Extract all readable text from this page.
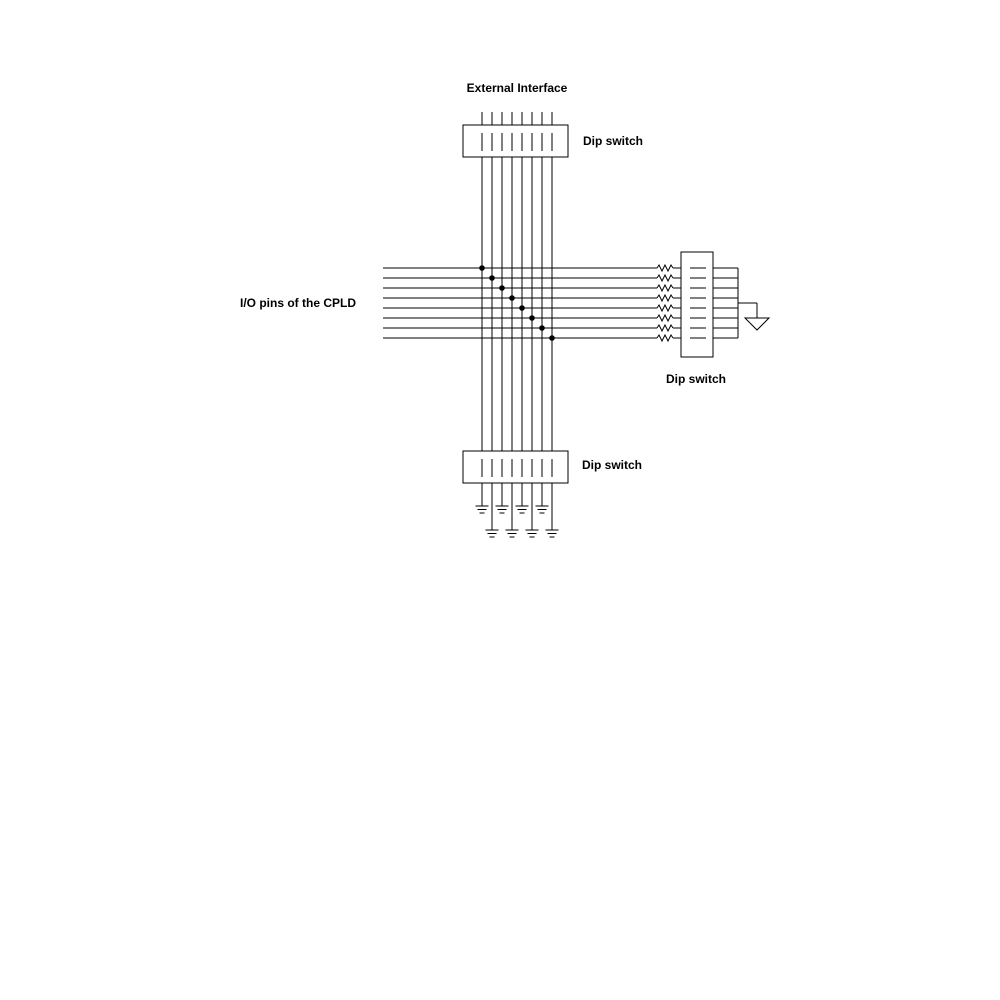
External Interface
Dip switch
I/O pins of the CPLD
Dip switch
Dip switch
